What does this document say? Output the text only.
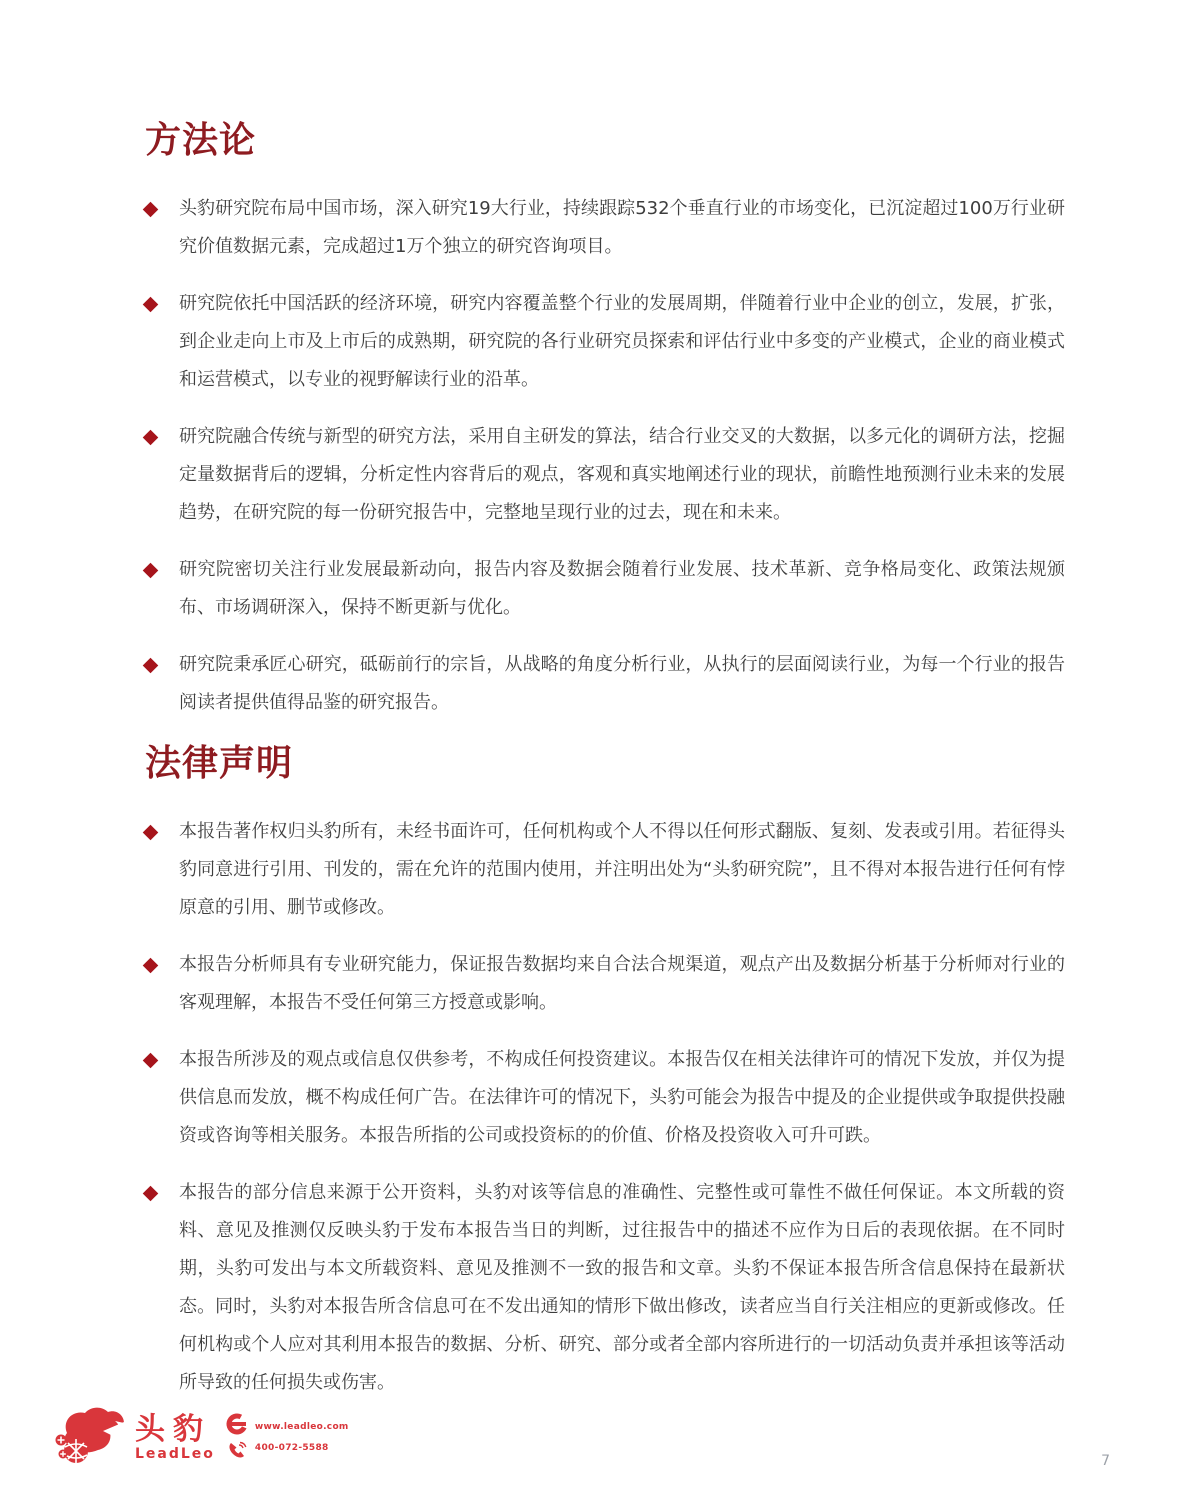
方法论

头豹研究院布局中国市场，深入研究19大行业，持续跟踪532个垂直行业的市场变化，已沉淀超过100万行业研究价值数据元素，完成超过1万个独立的研究咨询项目。

研究院依托中国活跃的经济环境，研究内容覆盖整个行业的发展周期，伴随着行业中企业的创立，发展，扩张，到企业走向上市及上市后的成熟期，研究院的各行业研究员探索和评估行业中多变的产业模式，企业的商业模式和运营模式，以专业的视野解读行业的沿革。

研究院融合传统与新型的研究方法，采用自主研发的算法，结合行业交叉的大数据，以多元化的调研方法，挖掘定量数据背后的逻辑，分析定性内容背后的观点，客观和真实地阐述行业的现状，前瞻性地预测行业未来的发展趋势，在研究院的每一份研究报告中，完整地呈现行业的过去，现在和未来。

研究院密切关注行业发展最新动向，报告内容及数据会随着行业发展、技术革新、竞争格局变化、政策法规颁布、市场调研深入，保持不断更新与优化。

研究院秉承匠心研究，砥砺前行的宗旨，从战略的角度分析行业，从执行的层面阅读行业，为每一个行业的报告阅读者提供值得品鉴的研究报告。

法律声明

本报告著作权归头豹所有，未经书面许可，任何机构或个人不得以任何形式翻版、复刻、发表或引用。若征得头豹同意进行引用、刊发的，需在允许的范围内使用，并注明出处为“头豹研究院”，且不得对本报告进行任何有悖原意的引用、删节或修改。

本报告分析师具有专业研究能力，保证报告数据均来自合法合规渠道，观点产出及数据分析基于分析师对行业的客观理解，本报告不受任何第三方授意或影响。

本报告所涉及的观点或信息仅供参考，不构成任何投资建议。本报告仅在相关法律许可的情况下发放，并仅为提供信息而发放，概不构成任何广告。在法律许可的情况下，头豹可能会为报告中提及的企业提供或争取提供投融资或咨询等相关服务。本报告所指的公司或投资标的的价值、价格及投资收入可升可跌。

本报告的部分信息来源于公开资料，头豹对该等信息的准确性、完整性或可靠性不做任何保证。本文所载的资料、意见及推测仅反映头豹于发布本报告当日的判断，过往报告中的描述不应作为日后的表现依据。在不同时期，头豹可发出与本文所载资料、意见及推测不一致的报告和文章。头豹不保证本报告所含信息保持在最新状态。同时，头豹对本报告所含信息可在不发出通知的情形下做出修改，读者应当自行关注相应的更新或修改。任何机构或个人应对其利用本报告的数据、分析、研究、部分或者全部内容所进行的一切活动负责并承担该等活动所导致的任何损失或伤害。

头豹
LeadLeo
www.leadleo.com
400-072-5588
7
